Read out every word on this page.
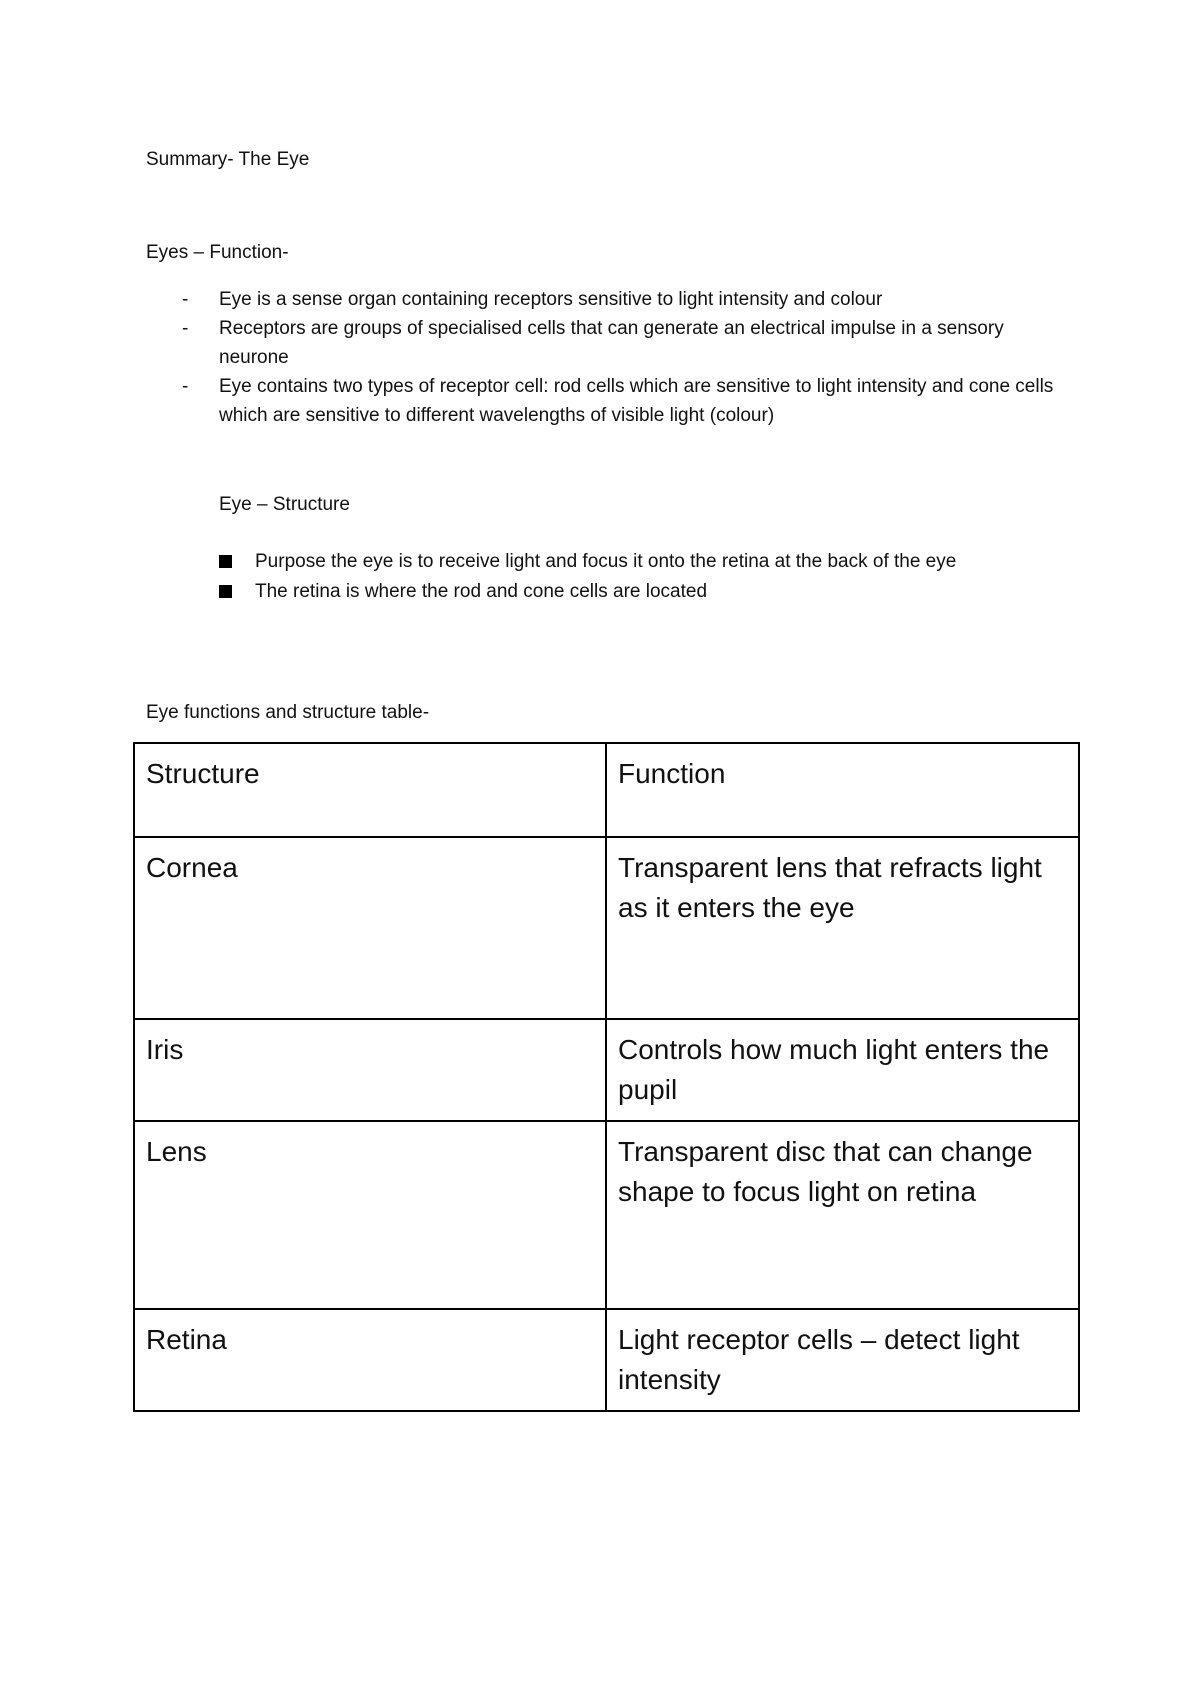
Summary- The Eye
Eyes – Function-
- Eye is a sense organ containing receptors sensitive to light intensity and colour
- Receptors are groups of specialised cells that can generate an electrical impulse in a sensory neurone
- Eye contains two types of receptor cell: rod cells which are sensitive to light intensity and cone cells which are sensitive to different wavelengths of visible light (colour)
Eye – Structure
Purpose the eye is to receive light and focus it onto the retina at the back of the eye
The retina is where the rod and cone cells are located
Eye functions and structure table-
Structure	Function
Cornea	Transparent lens that refracts light as it enters the eye
Iris	Controls how much light enters the pupil
Lens	Transparent disc that can change shape to focus light on retina
Retina	Light receptor cells – detect light intensity
